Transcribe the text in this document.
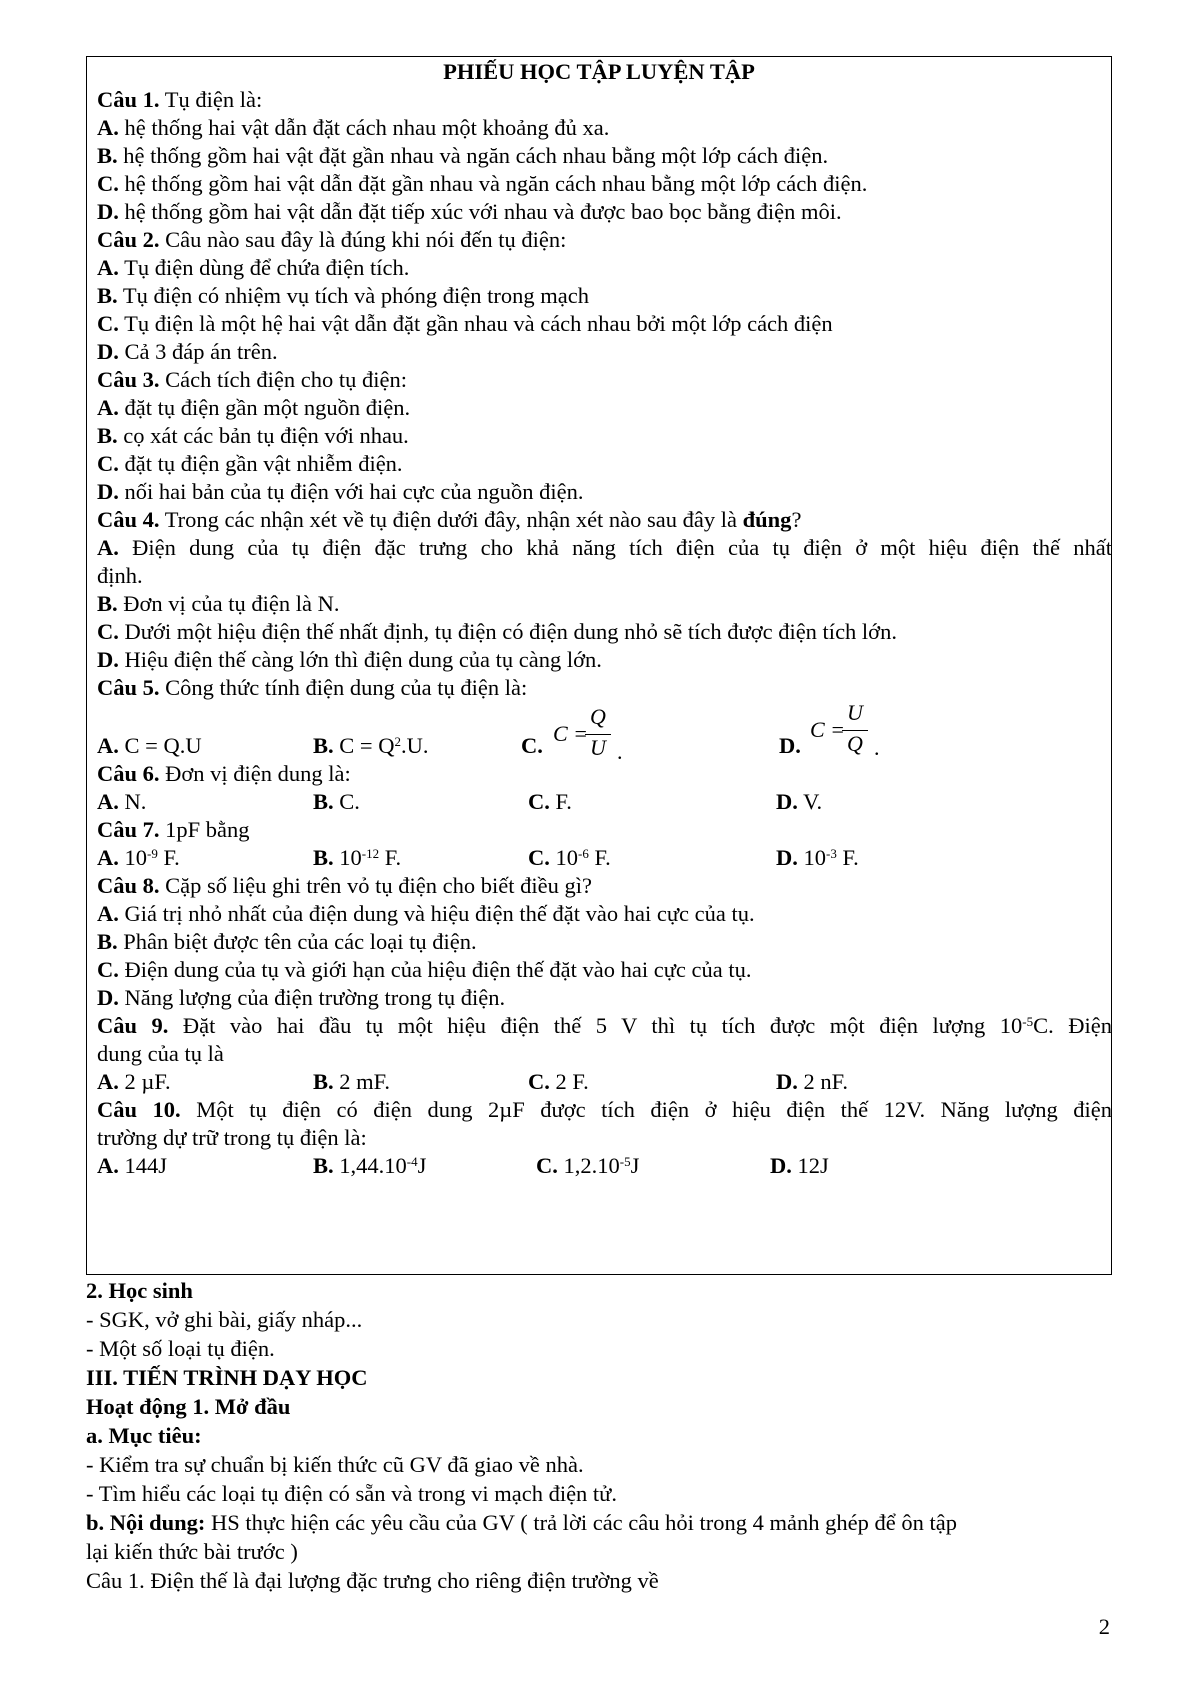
PHIẾU HỌC TẬP LUYỆN TẬP
Câu 1. Tụ điện là:
A. hệ thống hai vật dẫn đặt cách nhau một khoảng đủ xa.
B. hệ thống gồm hai vật đặt gần nhau và ngăn cách nhau bằng một lớp cách điện.
C. hệ thống gồm hai vật dẫn đặt gần nhau và ngăn cách nhau bằng một lớp cách điện.
D. hệ thống gồm hai vật dẫn đặt tiếp xúc với nhau và được bao bọc bằng điện môi.
Câu 2. Câu nào sau đây là đúng khi nói đến tụ điện:
A. Tụ điện dùng để chứa điện tích.
B. Tụ điện có nhiệm vụ tích và phóng điện trong mạch
C. Tụ điện là một hệ hai vật dẫn đặt gần nhau và cách nhau bởi một lớp cách điện
D. Cả 3 đáp án trên.
Câu 3. Cách tích điện cho tụ điện:
A. đặt tụ điện gần một nguồn điện.
B. cọ xát các bản tụ điện với nhau.
C. đặt tụ điện gần vật nhiễm điện.
D. nối hai bản của tụ điện với hai cực của nguồn điện.
Câu 4. Trong các nhận xét về tụ điện dưới đây, nhận xét nào sau đây là đúng?
A. Điện dung của tụ điện đặc trưng cho khả năng tích điện của tụ điện ở một hiệu điện thế nhất
định.
B. Đơn vị của tụ điện là N.
C. Dưới một hiệu điện thế nhất định, tụ điện có điện dung nhỏ sẽ tích được điện tích lớn.
D. Hiệu điện thế càng lớn thì điện dung của tụ càng lớn.
Câu 5. Công thức tính điện dung của tụ điện là:
A. C = Q.U	B. $C = Q^2.U$.	C.	D.
C =
Q
U .
C =
U
Q .
Câu 6. Đơn vị điện dung là:
A. N.	B. C.	C. F.	D. V.
Câu 7. 1pF bằng
A. $10^{-9}$ F.	B. $10^{-12}$ F.	C. $10^{-6}$ F.	D. $10^{-3}$ F.
Câu 8. Cặp số liệu ghi trên vỏ tụ điện cho biết điều gì?
A. Giá trị nhỏ nhất của điện dung và hiệu điện thế đặt vào hai cực của tụ.
B. Phân biệt được tên của các loại tụ điện.
C. Điện dung của tụ và giới hạn của hiệu điện thế đặt vào hai cực của tụ.
D. Năng lượng của điện trường trong tụ điện.
Câu 9. Đặt vào hai đầu tụ một hiệu điện thế 5 V thì tụ tích được một điện lượng $10^{-5}C$. Điện
dung của tụ là
A. 2 µF.	B. 2 mF.	C. 2 F.	D. 2 nF.
Câu 10. Một tụ điện có điện dung 2µF được tích điện ở hiệu điện thế 12V. Năng lượng điện
trường dự trữ trong tụ điện là:
A. 144J	B. $1,44.10^{-4}J$	C. $1,2.10^{-5}J$	D. 12J
2. Học sinh
- SGK, vở ghi bài, giấy nháp...
- Một số loại tụ điện.
III. TIẾN TRÌNH DẠY HỌC
Hoạt động 1. Mở đầu
a. Mục tiêu:
- Kiểm tra sự chuẩn bị kiến thức cũ GV đã giao về nhà.
- Tìm hiểu các loại tụ điện có sẵn và trong vi mạch điện tử.
b. Nội dung: HS thực hiện các yêu cầu của GV ( trả lời các câu hỏi trong 4 mảnh ghép để ôn tập
lại kiến thức bài trước )
Câu 1. Điện thế là đại lượng đặc trưng cho riêng điện trường về
2
